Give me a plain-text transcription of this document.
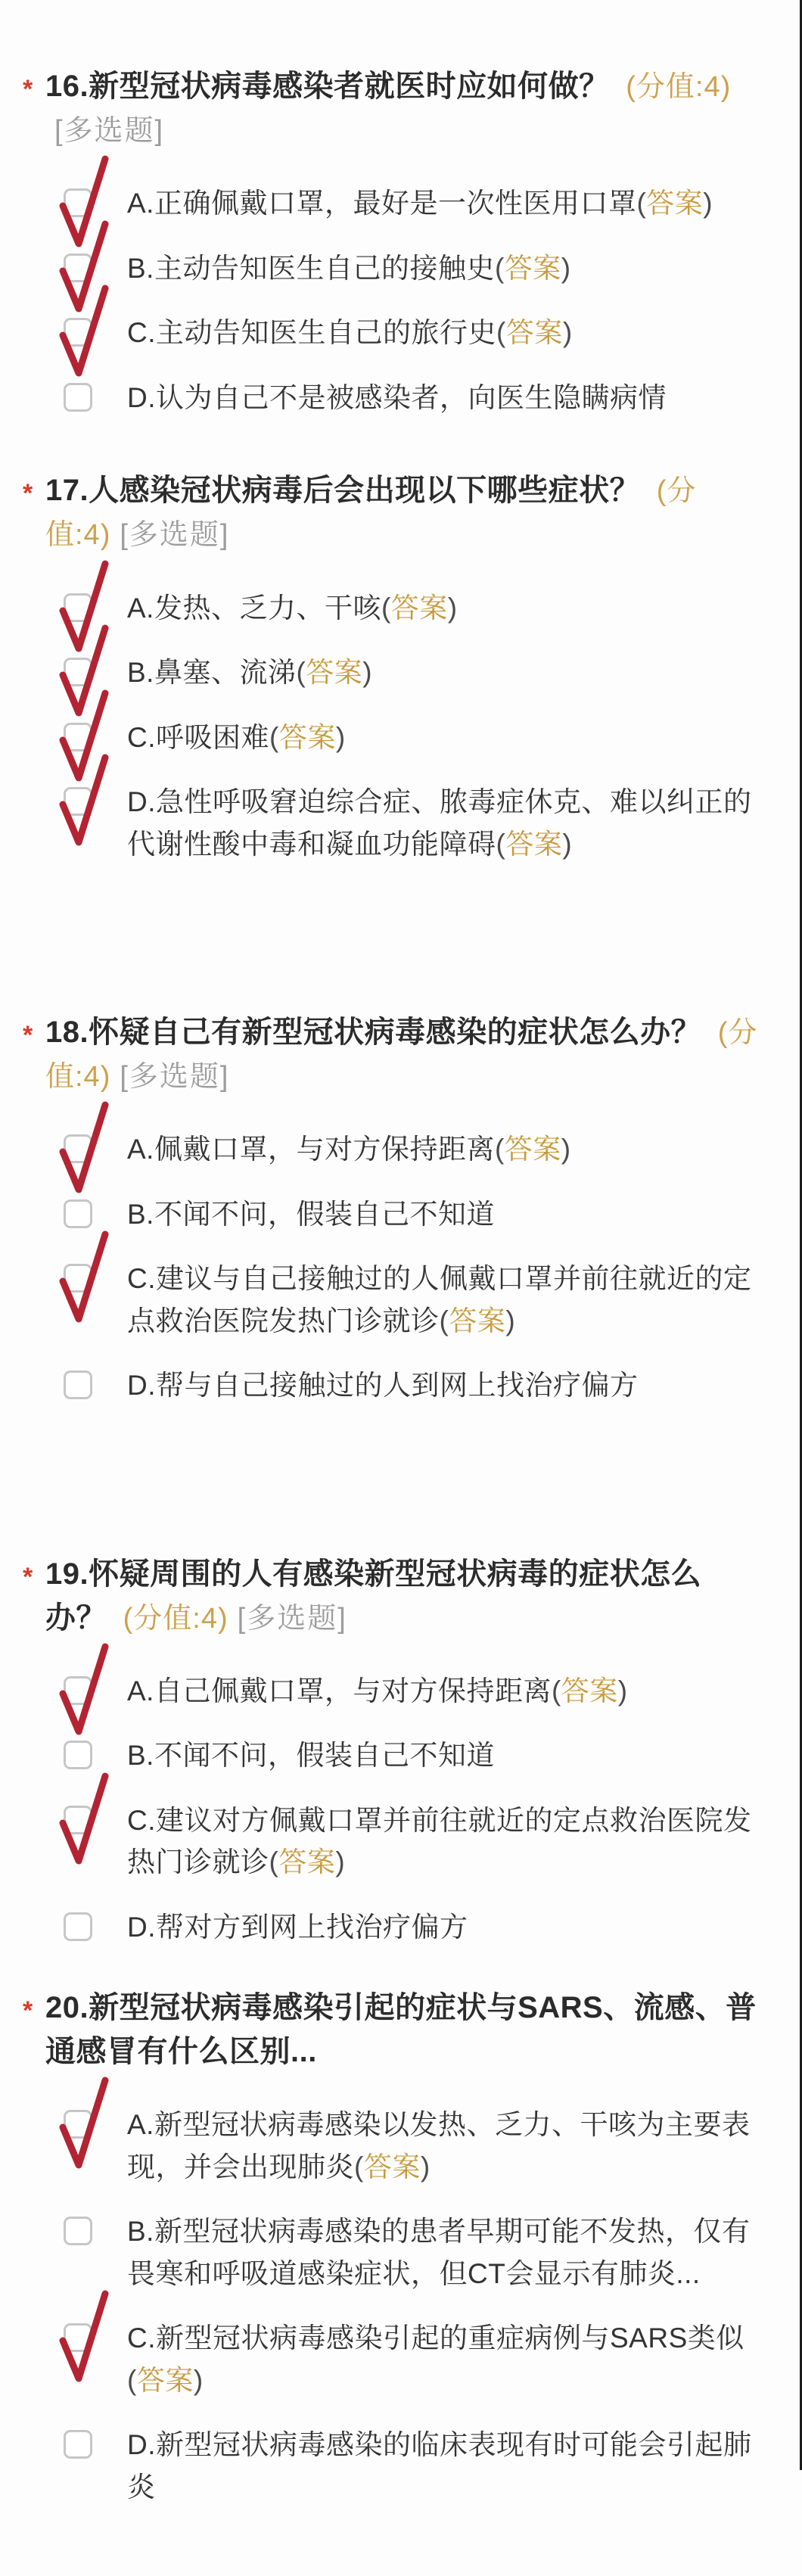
* 16.新型冠状病毒感染者就医时应如何做？ (分值:4)[多选题]
A.正确佩戴口罩，最好是一次性医用口罩(答案)
B.主动告知医生自己的接触史(答案)
C.主动告知医生自己的旅行史(答案)
D.认为自己不是被感染者，向医生隐瞒病情
* 17.人感染冠状病毒后会出现以下哪些症状？ (分值:4) [多选题]
A.发热、乏力、干咳(答案)
B.鼻塞、流涕(答案)
C.呼吸困难(答案)
D.急性呼吸窘迫综合症、脓毒症休克、难以纠正的代谢性酸中毒和凝血功能障碍(答案)
* 18.怀疑自己有新型冠状病毒感染的症状怎么办？ (分值:4) [多选题]
A.佩戴口罩，与对方保持距离(答案)
B.不闻不问，假装自己不知道
C.建议与自己接触过的人佩戴口罩并前往就近的定点救治医院发热门诊就诊(答案)
D.帮与自己接触过的人到网上找治疗偏方
* 19.怀疑周围的人有感染新型冠状病毒的症状怎么办？ (分值:4) [多选题]
A.自己佩戴口罩，与对方保持距离(答案)
B.不闻不问，假装自己不知道
C.建议对方佩戴口罩并前往就近的定点救治医院发热门诊就诊(答案)
D.帮对方到网上找治疗偏方
* 20.新型冠状病毒感染引起的症状与SARS、流感、普通感冒有什么区别...
A.新型冠状病毒感染以发热、乏力、干咳为主要表现，并会出现肺炎(答案)
B.新型冠状病毒感染的患者早期可能不发热，仅有畏寒和呼吸道感染症状，但CT会显示有肺炎...
C.新型冠状病毒感染引起的重症病例与SARS类似(答案)
D.新型冠状病毒感染的临床表现有时可能会引起肺炎
